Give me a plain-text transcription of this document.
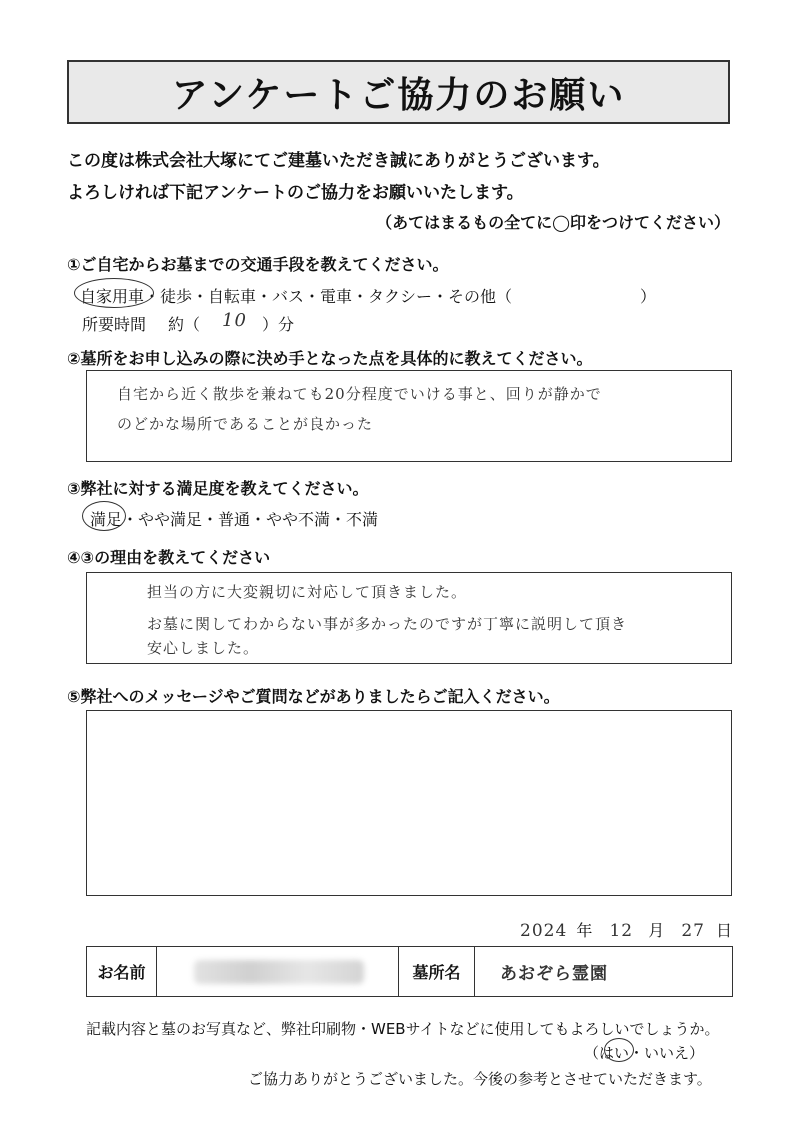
アンケートご協力のお願い
この度は株式会社大塚にてご建墓いただき誠にありがとうございます。
よろしければ下記アンケートのご協力をお願いいたします。
（あてはまるもの全てに◯印をつけてください）
①ご自宅からお墓までの交通手段を教えてください。
自家用車・徒歩・自転車・バス・電車・タクシー・その他（　　　　　　　　）
所要時間 約（ 10 ）分
②墓所をお申し込みの際に決め手となった点を具体的に教えてください。
自宅から近く散歩を兼ねても20分程度でいける事と、回りが静かで
のどかな場所であることが良かった
③弊社に対する満足度を教えてください。
満足・やや満足・普通・やや不満・不満
④③の理由を教えてください
担当の方に大変親切に対応して頂きました。
お墓に関してわからない事が多かったのですが丁寧に説明して頂き
安心しました。
⑤弊社へのメッセージやご質問などがありましたらご記入ください。
2024 年 12 月 27 日
お名前		墓所名	あおぞら霊園
記載内容と墓のお写真など、弊社印刷物・WEBサイトなどに使用してもよろしいでしょうか。
（はい・いいえ）
ご協力ありがとうございました。今後の参考とさせていただきます。
